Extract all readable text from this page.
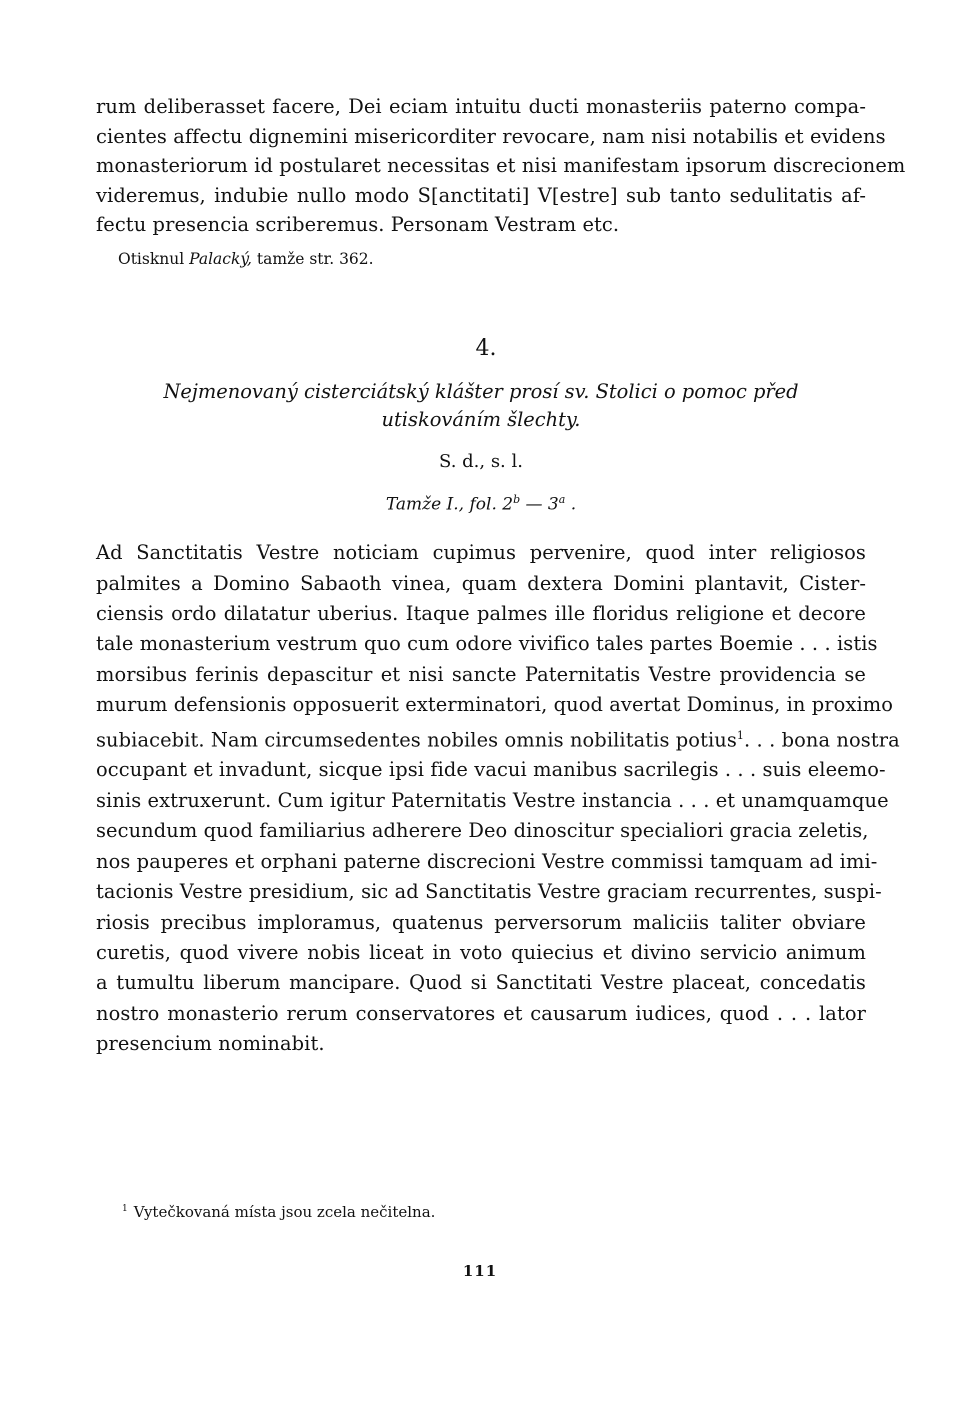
rum deliberasset facere, Dei eciam intuitu ducti monasteriis paterno compa-
cientes affectu dignemini misericorditer revocare, nam nisi notabilis et evidens
monasteriorum id postularet necessitas et nisi manifestam ipsorum discrecionem
videremus, indubie nullo modo S[anctitati] V[estre] sub tanto sedulitatis af-
fectu presencia scriberemus. Personam Vestram etc.
Otisknul Palacký, tamže str. 362.
4.
Nejmenovaný cisterciátský klášter prosí sv. Stolici o pomoc před
utiskováním šlechty.
S. d., s. l.
Tamže I., fol. 2$^b$ — 3$^a$ .
Ad Sanctitatis Vestre noticiam cupimus pervenire, quod inter religiosos
palmites a Domino Sabaoth vinea, quam dextera Domini plantavit, Cister-
ciensis ordo dilatatur uberius. Itaque palmes ille floridus religione et decore
tale monasterium vestrum quo cum odore vivifico tales partes Boemie . . . istis
morsibus ferinis depascitur et nisi sancte Paternitatis Vestre providencia se
murum defensionis opposuerit exterminatori, quod avertat Dominus, in proximo
subiacebit. Nam circumsedentes nobiles omnis nobilitatis potius$^1$. . . bona nostra
occupant et invadunt, sicque ipsi fide vacui manibus sacrilegis . . . suis eleemo-
sinis extruxerunt. Cum igitur Paternitatis Vestre instancia . . . et unamquamque
secundum quod familiarius adherere Deo dinoscitur specialiori gracia zeletis,
nos pauperes et orphani paterne discrecioni Vestre commissi tamquam ad imi-
tacionis Vestre presidium, sic ad Sanctitatis Vestre graciam recurrentes, suspi-
riosis precibus imploramus, quatenus perversorum maliciis taliter obviare
curetis, quod vivere nobis liceat in voto quiecius et divino servicio animum
a tumultu liberum mancipare. Quod si Sanctitati Vestre placeat, concedatis
nostro monasterio rerum conservatores et causarum iudices, quod . . . lator
presencium nominabit.
$^1$ Vytečkovaná místa jsou zcela nečitelna.
111
